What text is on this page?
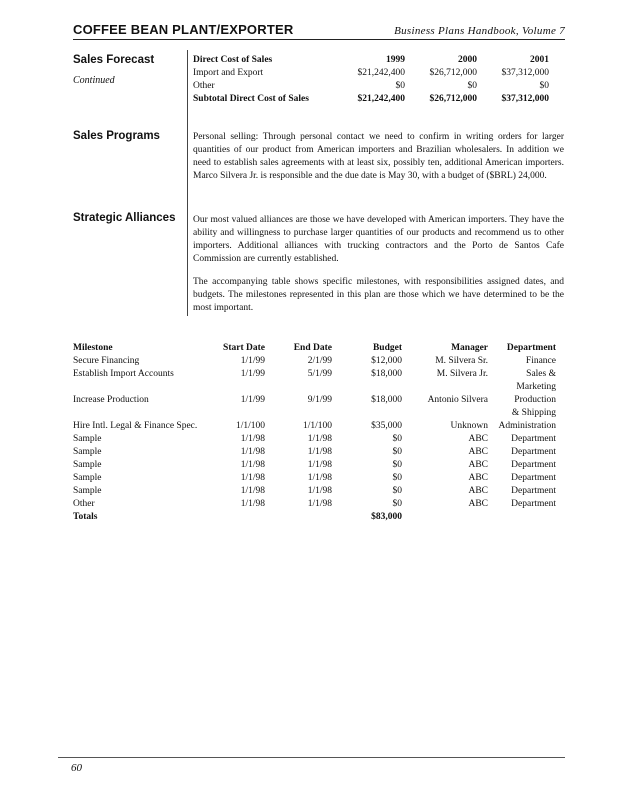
COFFEE BEAN PLANT/EXPORTER	Business Plans Handbook, Volume 7
Sales Forecast
Continued
Sales Programs
Strategic Alliances
Direct Cost of Sales	1999	2000	2001
Import and Export	$21,242,400	$26,712,000	$37,312,000
Other	$0	$0	$0
Subtotal Direct Cost of Sales	$21,242,400	$26,712,000	$37,312,000

Personal selling: Through personal contact we need to confirm in writing orders for larger quantities of our product from American importers and Brazilian wholesalers. In addition we need to establish sales agreements with at least six, possibly ten, additional American importers. Marco Silvera Jr. is responsible and the due date is May 30, with a budget of ($BRL) 24,000.

Our most valued alliances are those we have developed with American importers. They have the ability and willingness to purchase larger quantities of our products and recommend us to other importers. Additional alliances with trucking contractors and the Porto de Santos Cafe Commission are currently established.

The accompanying table shows specific milestones, with responsibilities assigned dates, and budgets. The milestones represented in this plan are those which we have determined to be the most important.

Milestone	Start Date	End Date	Budget	Manager	Department
Secure Financing	1/1/99	2/1/99	$12,000	M. Silvera Sr.	Finance
Establish Import Accounts	1/1/99	5/1/99	$18,000	M. Silvera Jr.	Sales &
					Marketing
Increase Production	1/1/99	9/1/99	$18,000	Antonio Silvera	Production
					& Shipping
Hire Intl. Legal & Finance Spec.	1/1/100	1/1/100	$35,000	Unknown	Administration
Sample	1/1/98	1/1/98	$0	ABC	Department
Sample	1/1/98	1/1/98	$0	ABC	Department
Sample	1/1/98	1/1/98	$0	ABC	Department
Sample	1/1/98	1/1/98	$0	ABC	Department
Sample	1/1/98	1/1/98	$0	ABC	Department
Other	1/1/98	1/1/98	$0	ABC	Department
Totals			$83,000		
60
